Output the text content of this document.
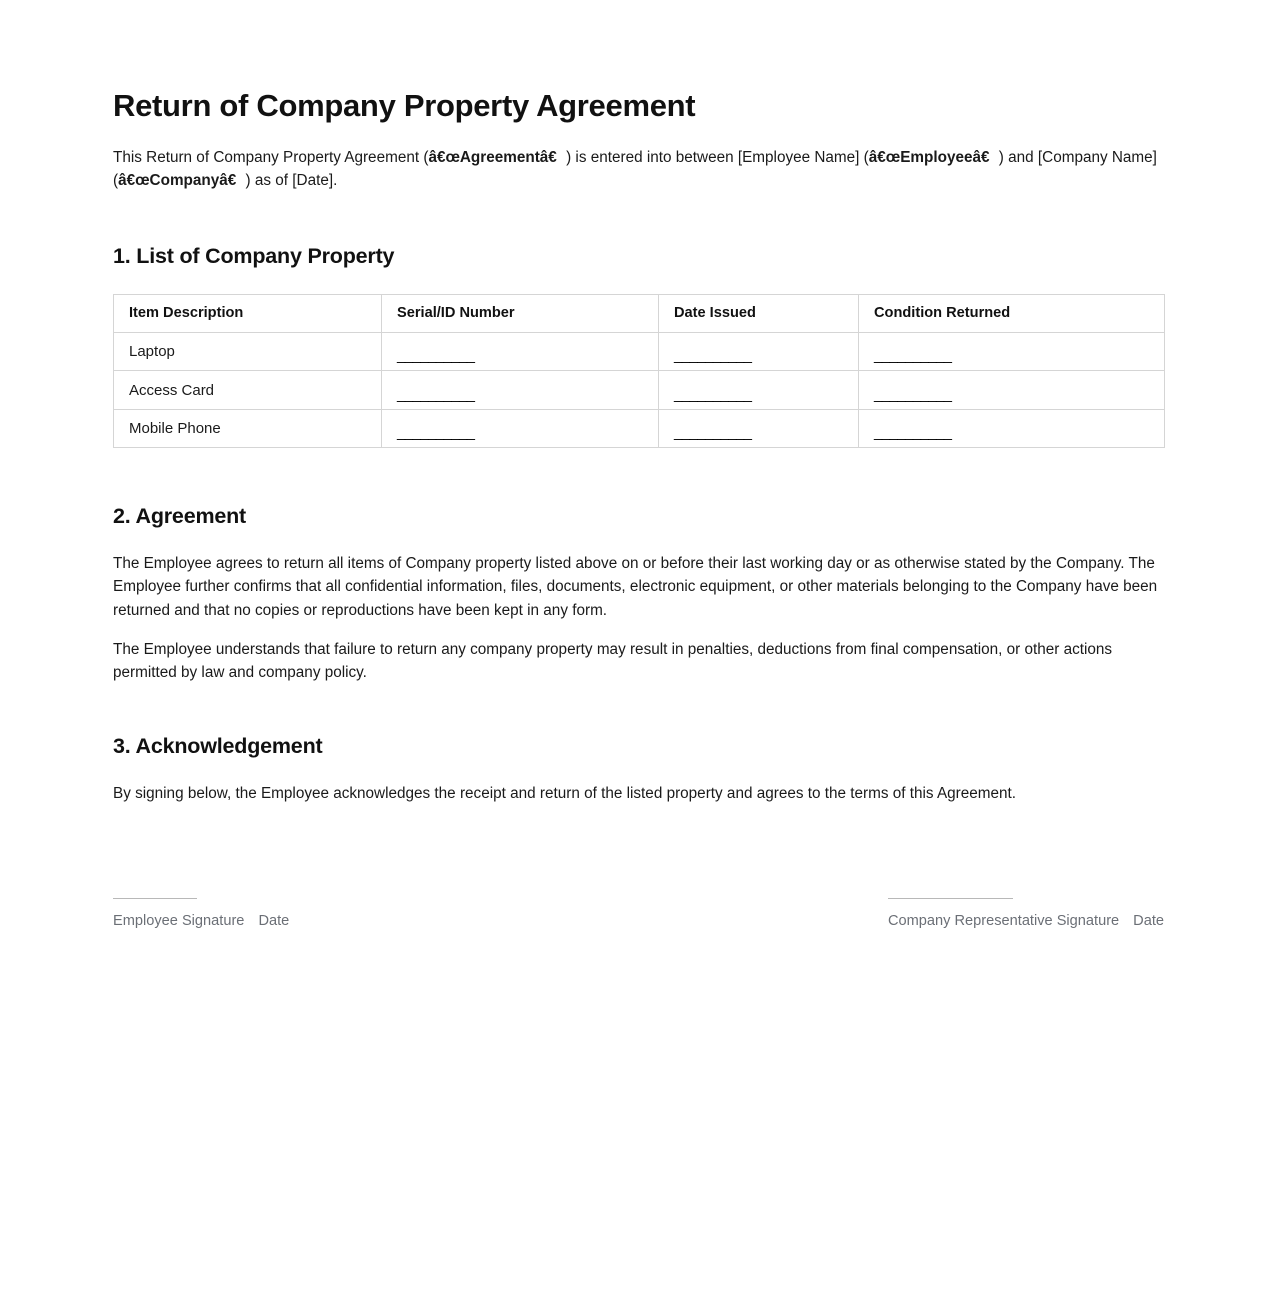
Return of Company Property Agreement

This Return of Company Property Agreement (â€œAgreementâ€) is entered into between [Employee Name] (â€œEmployeeâ€) and [Company Name] (â€œCompanyâ€) as of [Date].

1. List of Company Property
Item Description	Serial/ID Number	Date Issued	Condition Returned
Laptop	__________	__________	__________
Access Card	__________	__________	__________
Mobile Phone	__________	__________	__________
2. Agreement

The Employee agrees to return all items of Company property listed above on or before their last working day or as otherwise stated by the Company. The Employee further confirms that all confidential information, files, documents, electronic equipment, or other materials belonging to the Company have been returned and that no copies or reproductions have been kept in any form.

The Employee understands that failure to return any company property may result in penalties, deductions from final compensation, or other actions permitted by law and company policy.

3. Acknowledgement

By signing below, the Employee acknowledges the receipt and return of the listed property and agrees to the terms of this Agreement.

Employee Signature Date	Company Representative Signature Date
